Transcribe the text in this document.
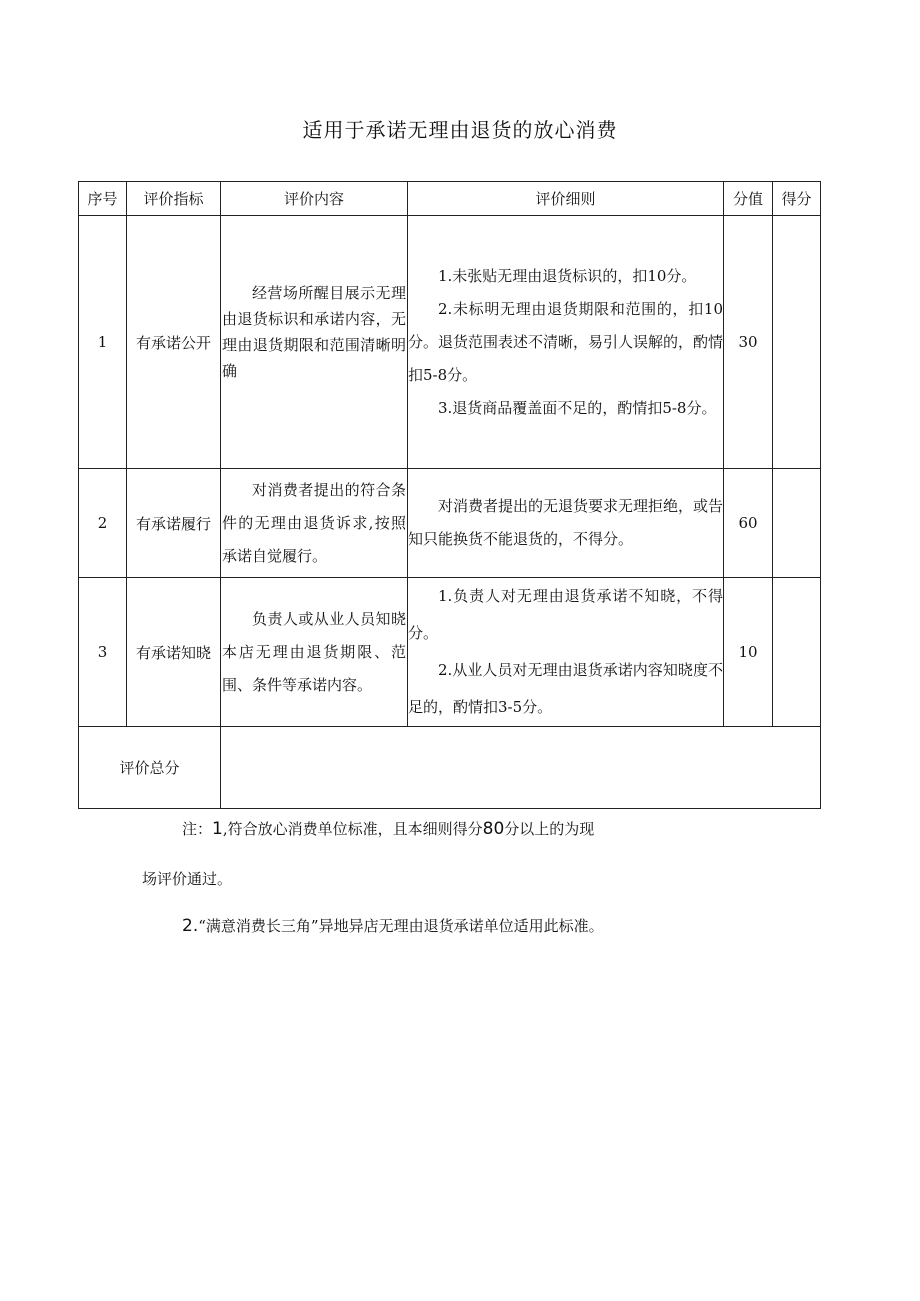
适用于承诺无理由退货的放心消费
序号	评价指标	评价内容	评价细则	分值	得分
1	有承诺公开	经营场所醒目展示无理由退货标识和承诺内容，无理由退货期限和范围清晰明确	1.未张贴无理由退货标识的，扣10分。

2.未标明无理由退货期限和范围的，扣10分。退货范围表述不清晰，易引人误解的，酌情扣5-8分。

3.退货商品覆盖面不足的，酌情扣5-8分。	30	
2	有承诺履行	对消费者提出的符合条件的无理由退货诉求,按照承诺自觉履行。	对消费者提出的无退货要求无理拒绝，或告知只能换货不能退货的，不得分。	60	
3	有承诺知晓	负责人或从业人员知晓本店无理由退货期限、范围、条件等承诺内容。	1.负责人对无理由退货承诺不知晓，不得分。

2.从业人员对无理由退货承诺内容知晓度不足的，酌情扣3-5分。	10	
评价总分					
注：1,符合放心消费单位标准，且本细则得分80分以上的为现
场评价通过。
2.“满意消费长三角”异地异店无理由退货承诺单位适用此标准。
